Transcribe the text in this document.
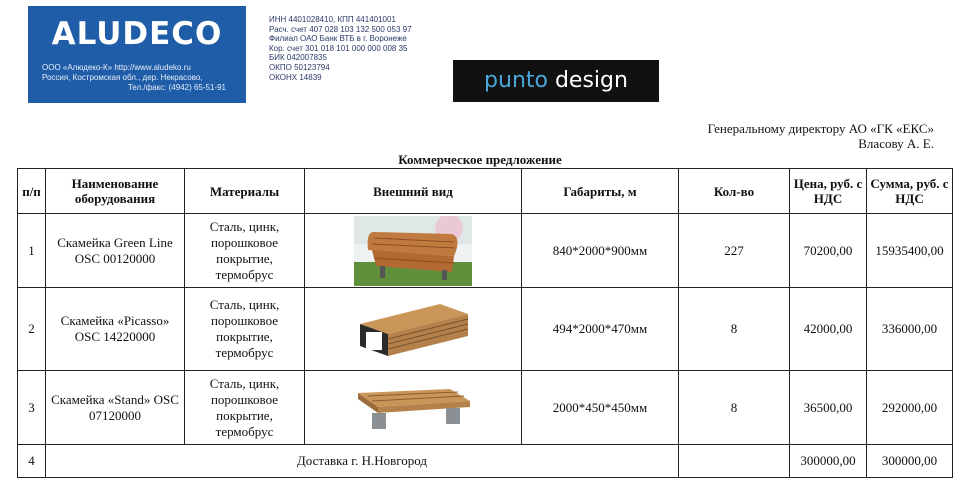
ALUDECO
ООО «Алюдеко-К» http://www.aludeko.ru
Россия, Костромская обл., дер. Некрасово,
Тел./факс: (4942) 65-51-91
ИНН 4401028410, КПП 441401001
Расч. счет 407 028 103 132 500 053 97
Филиал ОАО Банк ВТБ в г. Воронеже
Кор. счет 301 018 101 000 000 008 35
БИК 042007835
ОКПО 50123794
ОКОНХ 14839	punto design
Генеральному директору АО «ГК «ЕКС»
Власову А. Е.
Коммерческое предложение
п/п	Наименование оборудования	Материалы	Внешний вид	Габариты, м	Кол-во	Цена, руб. с НДС	Сумма, руб. с НДС
1	Скамейка Green Line OSC 00120000	Сталь, цинк, порошковое покрытие, термобрус		840*2000*900мм	227	70200,00	15935400,00
2	Скамейка «Picasso» OSC 14220000	Сталь, цинк, порошковое покрытие, термобрус		494*2000*470мм	8	42000,00	336000,00
3	Скамейка «Stand» OSC 07120000	Сталь, цинк, порошковое покрытие, термобрус		2000*450*450мм	8	36500,00	292000,00
4	Доставка г. Н.Новгород					300000,00	300000,00
